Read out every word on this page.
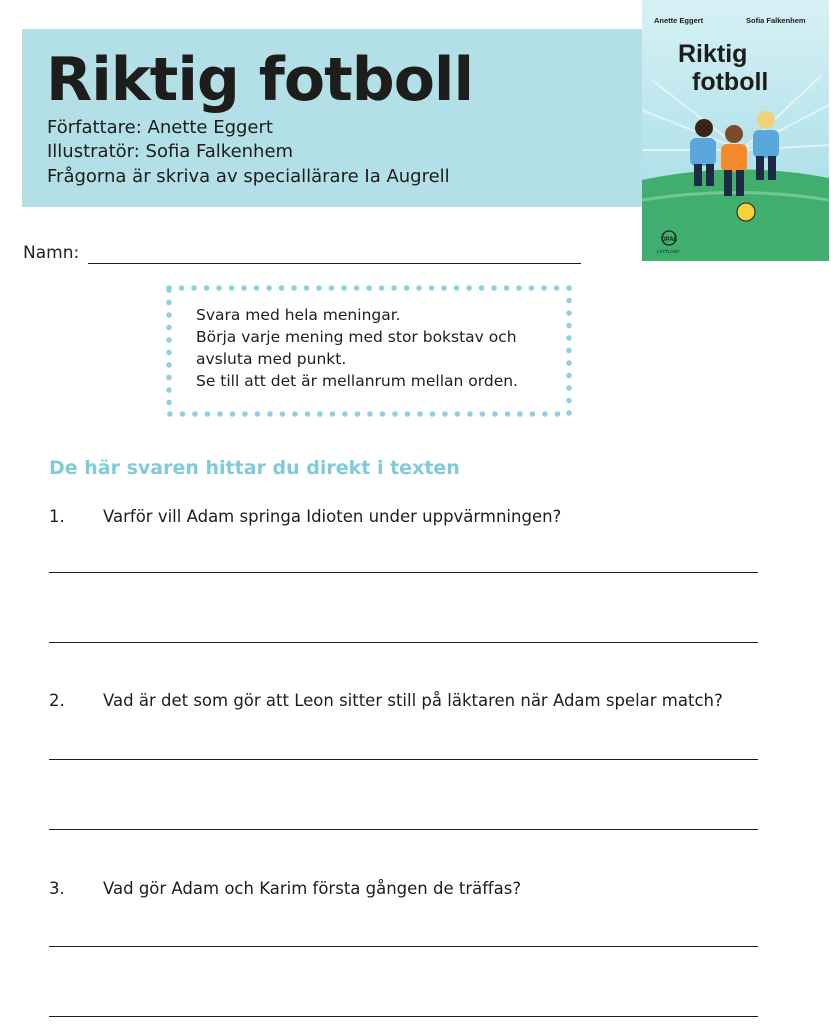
Riktig fotboll
Författare: Anette Eggert
Illustratör: Sofia Falkenhem
Frågorna är skriva av speciallärare Ia Augrell
Anette Eggert	Sofia Falkenhem
Riktig
fotboll
OPAL
LÄTTLÄST
Namn:
Svara med hela meningar.
Börja varje mening med stor bokstav och
avsluta med punkt.
Se till att det är mellanrum mellan orden.
De här svaren hittar du direkt i texten
1. Varför vill Adam springa Idioten under uppvärmningen?
2. Vad är det som gör att Leon sitter still på läktaren när Adam spelar match?
3. Vad gör Adam och Karim första gången de träffas?
